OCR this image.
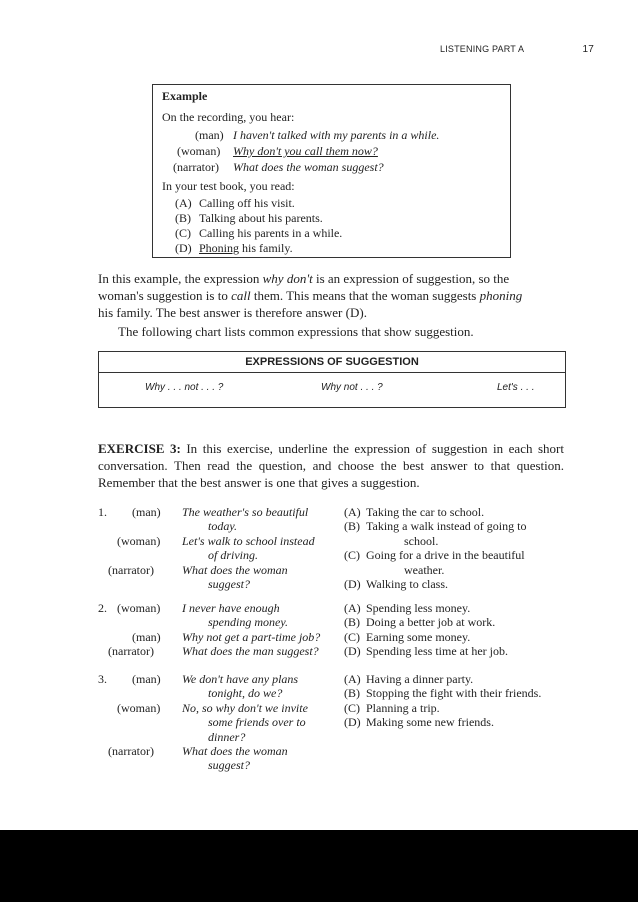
LISTENING PART A	17
Example
On the recording, you hear:
(man) I haven't talked with my parents in a while.
(woman) Why don't you call them now?
(narrator) What does the woman suggest?
In your test book, you read:
(A) Calling off his visit.
(B) Talking about his parents.
(C) Calling his parents in a while.
(D) Phoning his family.
In this example, the expression why don't is an expression of suggestion, so the
woman's suggestion is to call them. This means that the woman suggests phoning
his family. The best answer is therefore answer (D).
The following chart lists common expressions that show suggestion.
EXPRESSIONS OF SUGGESTION
Why . . . not . . . ?	Why not . . . ?	Let's . . .
EXERCISE 3: In this exercise, underline the expression of suggestion in each short conversation. Then read the question, and choose the best answer to that question. Remember that the best answer is one that gives a suggestion.
1. (man) The weather's so beautiful
today.
(woman) Let's walk to school instead
of driving.
(narrator) What does the woman
suggest?
(A) Taking the car to school.
(B) Taking a walk instead of going to
school.
(C) Going for a drive in the beautiful
weather.
(D) Walking to class.
2. (woman) I never have enough
spending money.
(man) Why not get a part-time job?
(narrator) What does the man suggest?
(A) Spending less money.
(B) Doing a better job at work.
(C) Earning some money.
(D) Spending less time at her job.
3. (man) We don't have any plans
tonight, do we?
(woman) No, so why don't we invite
some friends over to
dinner?
(narrator) What does the woman
suggest?
(A) Having a dinner party.
(B) Stopping the fight with their friends.
(C) Planning a trip.
(D) Making some new friends.
